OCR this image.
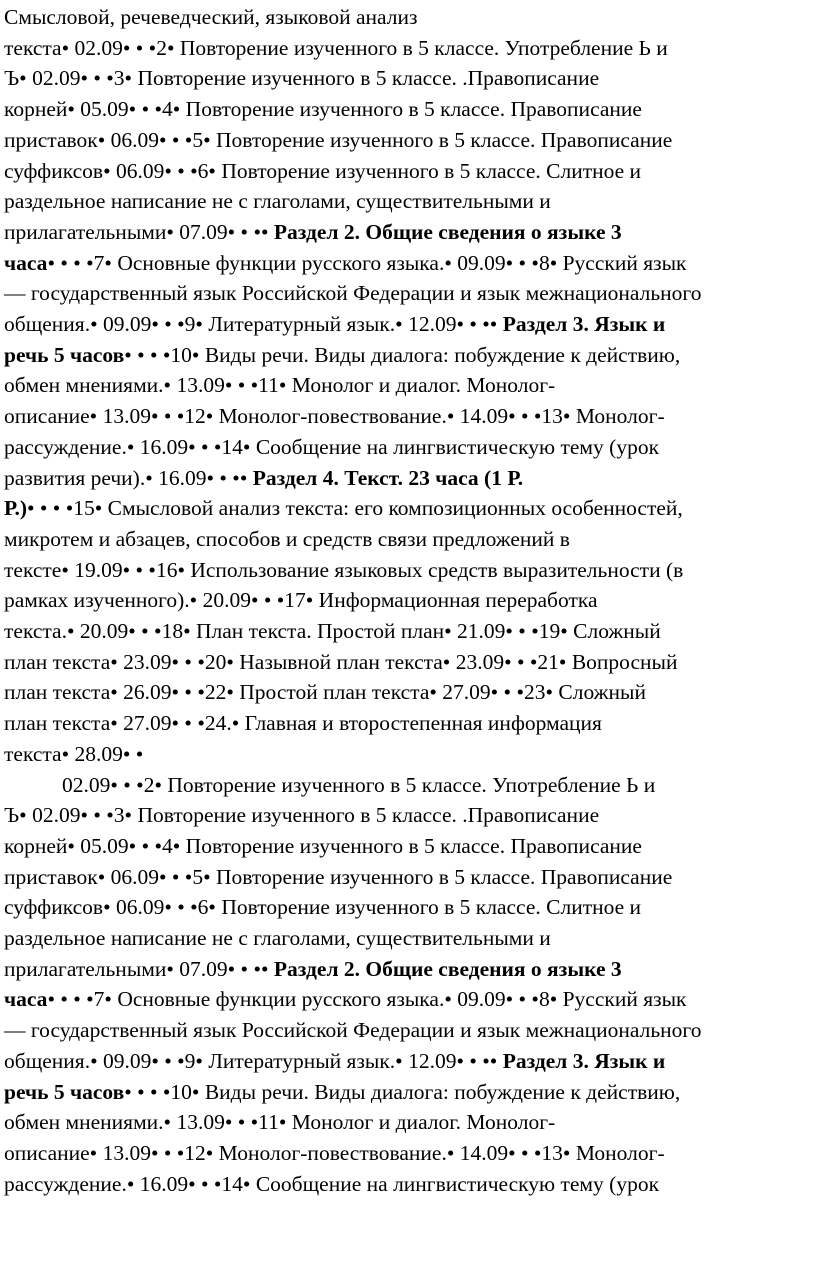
Смысловой, речеведческий, языковой анализ
текста• 02.09• • •2• Повторение изученного в 5 классе. Употребление Ь и
Ъ• 02.09• • •3• Повторение изученного в 5 классе. .Правописание
корней• 05.09• • •4• Повторение изученного в 5 классе. Правописание
приставок• 06.09• • •5• Повторение изученного в 5 классе. Правописание
суффиксов• 06.09• • •6• Повторение изученного в 5 классе. Слитное и
раздельное написание не с глаголами, существительными и
прилагательными• 07.09• • •• Раздел 2. Общие сведения о языке 3
часа• • • •7• Основные функции русского языка.• 09.09• • •8• Русский язык
— государственный язык Российской Федерации и язык межнационального
общения.• 09.09• • •9• Литературный язык.• 12.09• • •• Раздел 3. Язык и
речь 5 часов• • • •10• Виды речи. Виды диалога: побуждение к действию,
обмен мнениями.• 13.09• • •11• Монолог и диалог. Монолог-
описание• 13.09• • •12• Монолог-повествование.• 14.09• • •13• Монолог-
рассуждение.• 16.09• • •14• Сообщение на лингвистическую тему (урок
развития речи).• 16.09• • •• Раздел 4. Текст. 23 часа (1 Р.
Р.)• • • •15• Смысловой анализ текста: его композиционных особенностей,
микротем и абзацев, способов и средств связи предложений в
тексте• 19.09• • •16• Использование языковых средств выразительности (в
рамках изученного).• 20.09• • •17• Информационная переработка
текста.• 20.09• • •18• План текста. Простой план• 21.09• • •19• Сложный
план текста• 23.09• • •20• Назывной план текста• 23.09• • •21• Вопросный
план текста• 26.09• • •22• Простой план текста• 27.09• • •23• Сложный
план текста• 27.09• • •24.• Главная и второстепенная информация
текста• 28.09• •
02.09• • •2• Повторение изученного в 5 классе. Употребление Ь и
Ъ• 02.09• • •3• Повторение изученного в 5 классе. .Правописание
корней• 05.09• • •4• Повторение изученного в 5 классе. Правописание
приставок• 06.09• • •5• Повторение изученного в 5 классе. Правописание
суффиксов• 06.09• • •6• Повторение изученного в 5 классе. Слитное и
раздельное написание не с глаголами, существительными и
прилагательными• 07.09• • •• Раздел 2. Общие сведения о языке 3
часа• • • •7• Основные функции русского языка.• 09.09• • •8• Русский язык
— государственный язык Российской Федерации и язык межнационального
общения.• 09.09• • •9• Литературный язык.• 12.09• • •• Раздел 3. Язык и
речь 5 часов• • • •10• Виды речи. Виды диалога: побуждение к действию,
обмен мнениями.• 13.09• • •11• Монолог и диалог. Монолог-
описание• 13.09• • •12• Монолог-повествование.• 14.09• • •13• Монолог-
рассуждение.• 16.09• • •14• Сообщение на лингвистическую тему (урок
